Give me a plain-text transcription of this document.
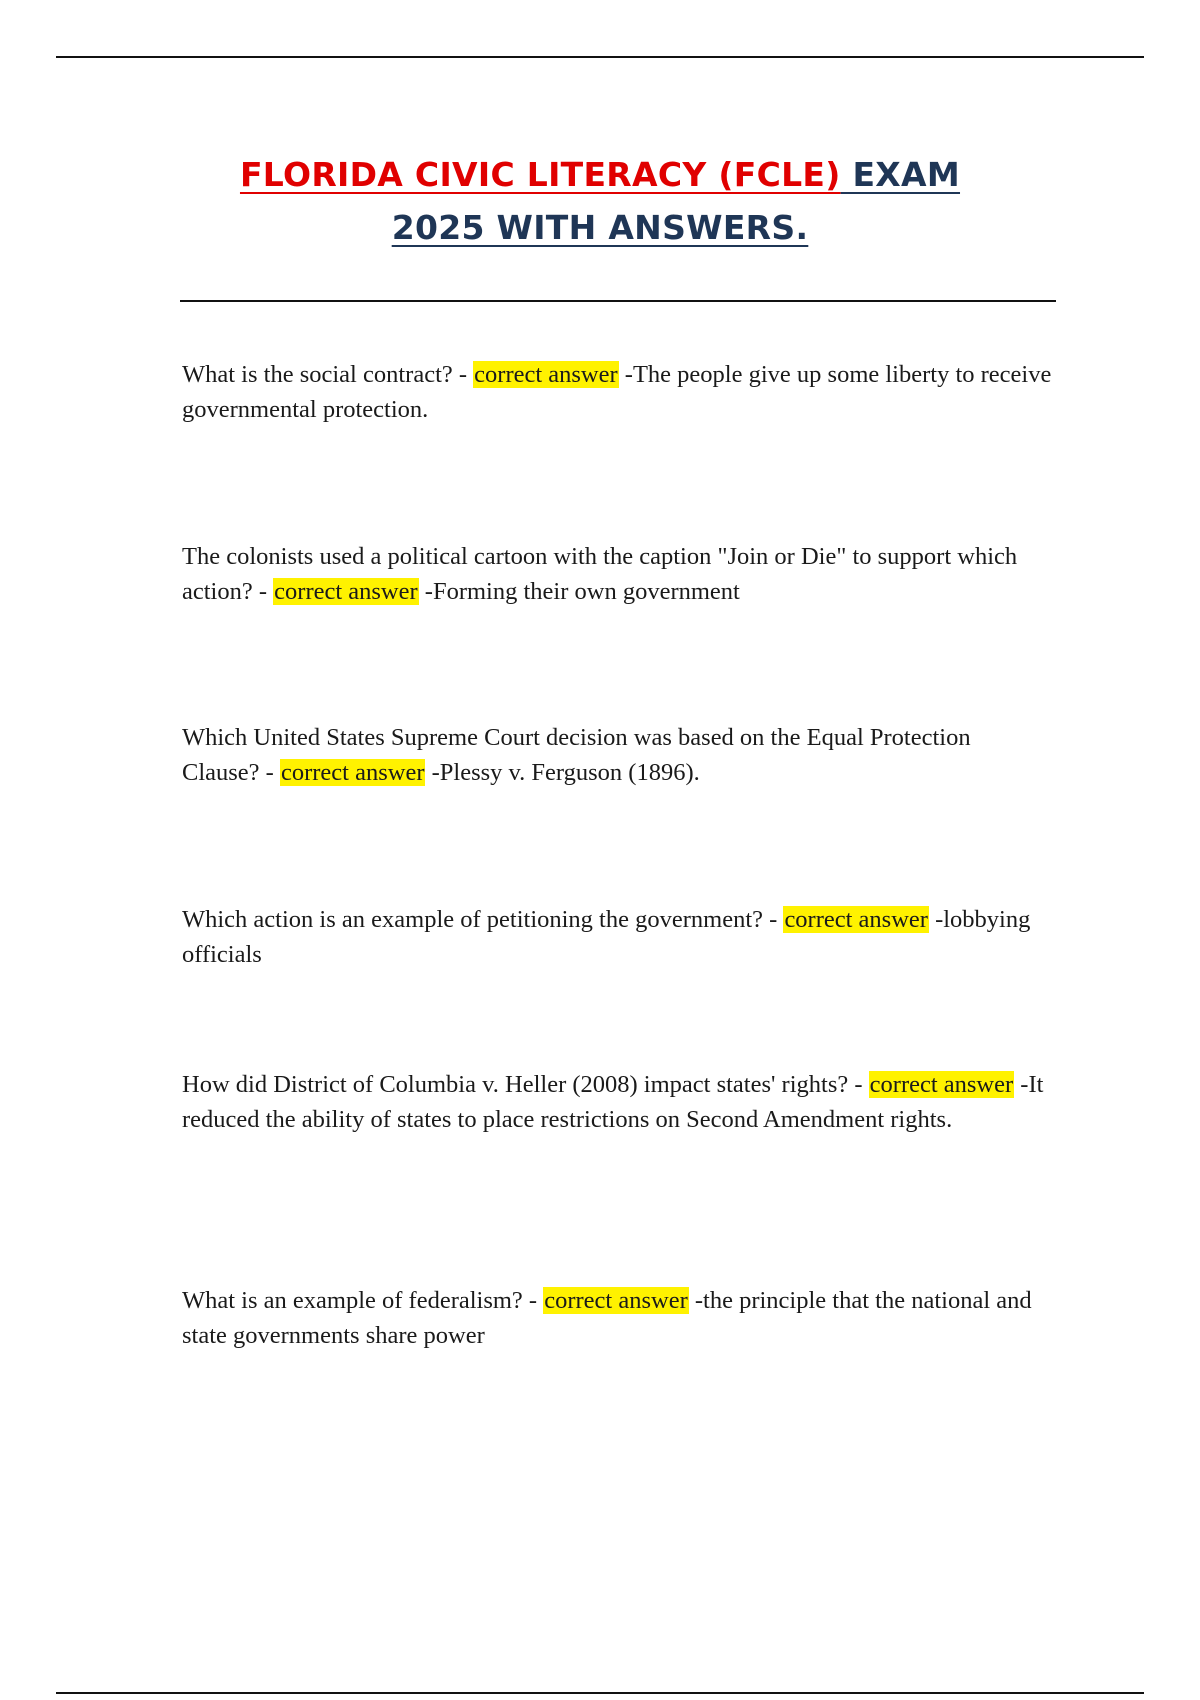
FLORIDA CIVIC LITERACY (FCLE) EXAM
2025 WITH ANSWERS.
What is the social contract? - correct answer -The people give up some liberty to receive governmental protection.
The colonists used a political cartoon with the caption "Join or Die" to support which action? - correct answer -Forming their own government
Which United States Supreme Court decision was based on the Equal Protection Clause? - correct answer -Plessy v. Ferguson (1896).
Which action is an example of petitioning the government? - correct answer -lobbying officials
How did District of Columbia v. Heller (2008) impact states' rights? - correct answer -It reduced the ability of states to place restrictions on Second Amendment rights.
What is an example of federalism? - correct answer -the principle that the national and state governments share power
